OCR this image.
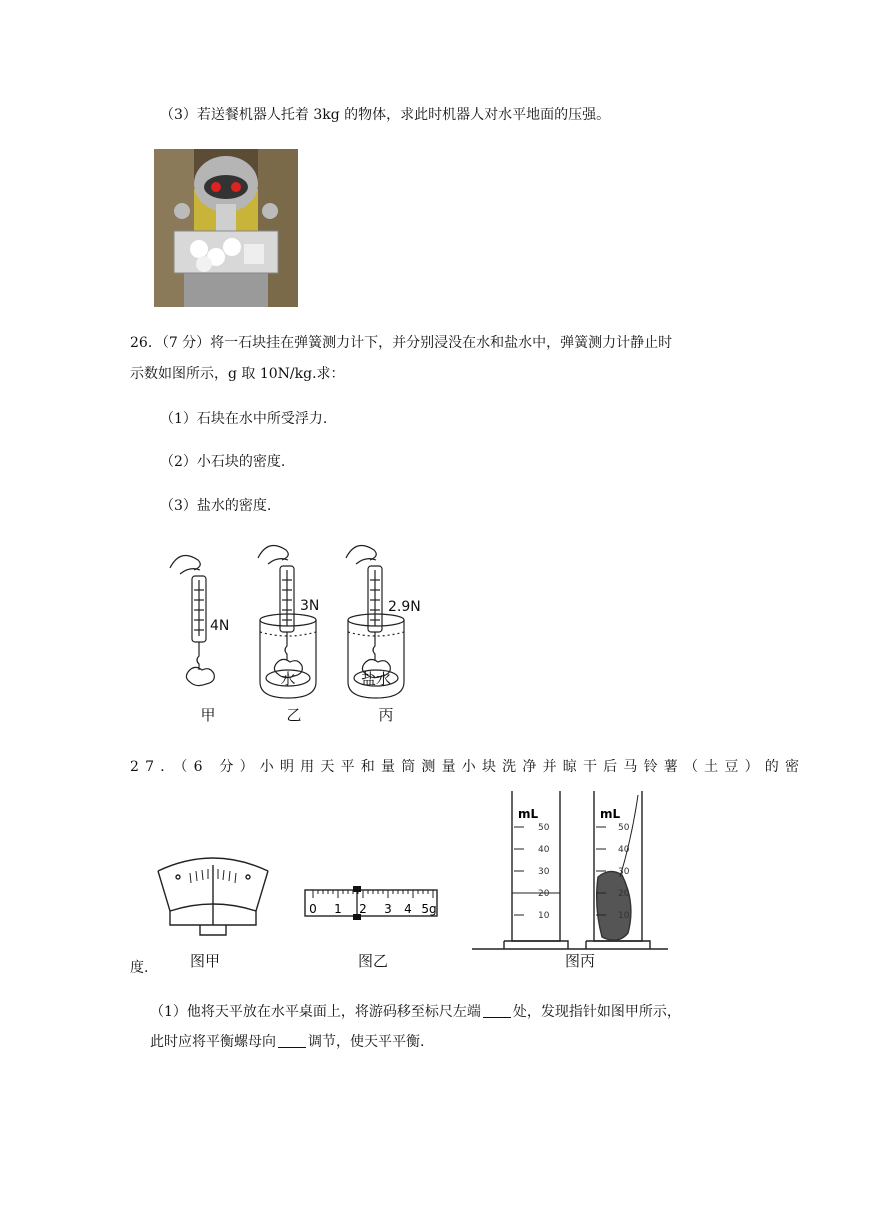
（3）若送餐机器人托着 3kg 的物体，求此时机器人对水平地面的压强。
26．（7 分）将一石块挂在弹簧测力计下，并分别浸没在水和盐水中，弹簧测力计静止时
示数如图所示，g 取 10N/kg.求：
（1）石块在水中所受浮力.
（2）小石块的密度.
（3）盐水的密度.
4N
3N	2.9N
水	盐水
甲	乙	丙
27．（6 分）小明用天平和量筒测量小块洗净并晾干后马铃薯（土豆）的密
0 1 2 3 4 5g
mL	mL
50
40
30
20
10
50
40
30
20
10
图甲	图乙	图丙
度.
（1）他将天平放在水平桌面上，将游码移至标尺左端 处，发现指针如图甲所示，
此时应将平衡螺母向 调节，使天平平衡.
